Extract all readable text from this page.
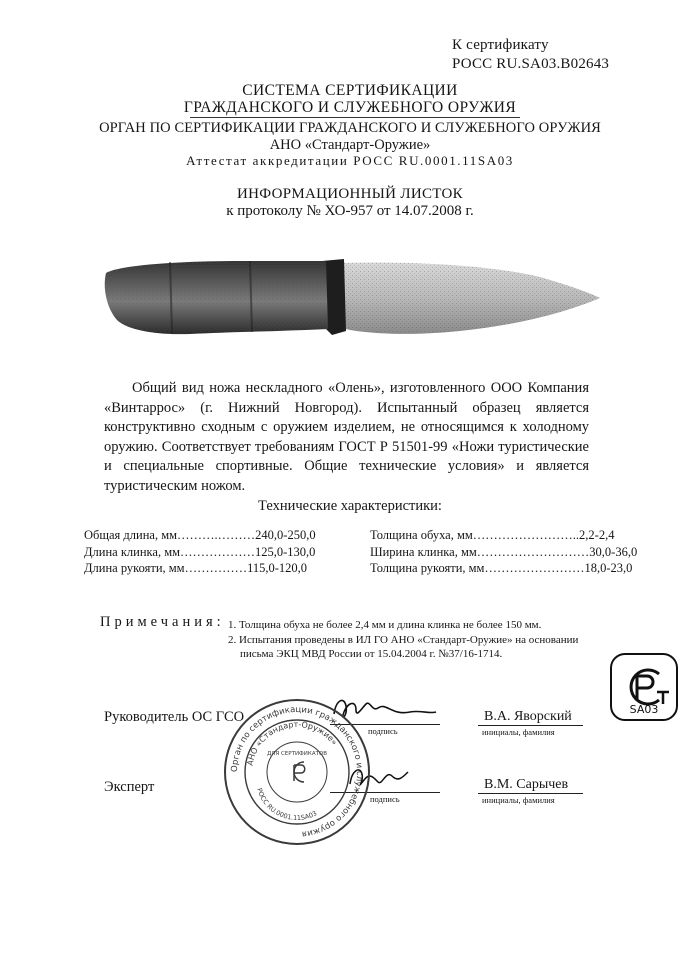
К сертификату
РОСС RU.SA03.В02643
СИСТЕМА СЕРТИФИКАЦИИ
ГРАЖДАНСКОГО И СЛУЖЕБНОГО ОРУЖИЯ
ОРГАН ПО СЕРТИФИКАЦИИ ГРАЖДАНСКОГО И СЛУЖЕБНОГО ОРУЖИЯ
АНО «Стандарт-Оружие»
Аттестат аккредитации РОСС RU.0001.11SA03
ИНФОРМАЦИОННЫЙ ЛИСТОК
к протоколу № ХО-957 от 14.07.2008 г.
Общий вид ножа нескладного «Олень», изготовленного ООО Компания «Винтаррос» (г. Нижний Новгород). Испытанный образец является конструктивно сходным с оружием изделием, не относящимся к холодному оружию. Соответствует требованиям ГОСТ Р 51501-99 «Ножи туристические и специальные спортивные. Общие технические условия» и является туристическим ножом.
Технические характеристики:
Общая длина, мм……….………240,0-250,0
Длина клинка, мм………………125,0-130,0
Длина рукояти, мм……………115,0-120,0
Толщина обуха, мм……………………..2,2-2,4
Ширина клинка, мм………………………30,0-36,0
Толщина рукояти, мм……………………18,0-23,0
Примечания: 1. Толщина обуха не более 2,4 мм и длина клинка не более 150 мм.
2. Испытания проведены в ИЛ ГО АНО «Стандарт-Оружие» на основании
письма ЭКЦ МВД России от 15.04.2004 г. №37/16-1714.
Руководитель ОС ГСО
подпись
В.А. Яворский
инициалы, фамилия
Эксперт
подпись
В.М. Сарычев
инициалы, фамилия
Орган по сертификации гражданского и служебного оружия
АНО «Стандарт-Оружие»
ДЛЯ СЕРТИФИКАТОВ
РОСС RU.0001.11SA03
SA03
